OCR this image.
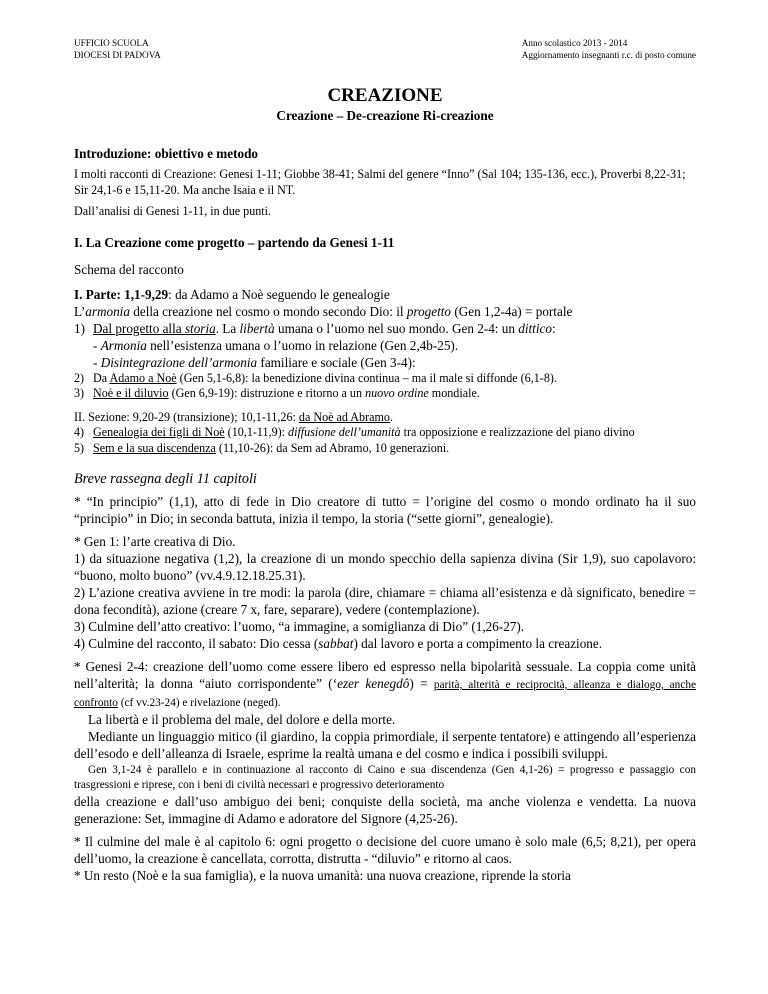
UFFICIO SCUOLA
DIOCESI DI PADOVA
Anno scolastico 2013 - 2014
Aggiornamento insegnanti r.c. di posto comune
CREAZIONE
Creazione – De-creazione Ri-creazione
Introduzione: obiettivo e metodo

I molti racconti di Creazione: Genesi 1-11; Giobbe 38-41; Salmi del genere “Inno” (Sal 104; 135-136, ecc.), Proverbi 8,22-31; Sir 24,1-6 e 15,11-20. Ma anche Isaia e il NT.

Dall’analisi di Genesi 1-11, in due punti.

I. La Creazione come progetto – partendo da Genesi 1-11

Schema del racconto

I. Parte: 1,1-9,29: da Adamo a Noè seguendo le genealogie

L’armonia della creazione nel cosmo o mondo secondo Dio: il progetto (Gen 1,2-4a) = portale

1) Dal progetto alla storia. La libertà umana o l’uomo nel suo mondo. Gen 2-4: un dittico:

- Armonia nell’esistenza umana o l’uomo in relazione (Gen 2,4b-25).

- Disintegrazione dell’armonia familiare e sociale (Gen 3-4):

2) Da Adamo a Noè (Gen 5,1-6,8): la benedizione divina continua – ma il male si diffonde (6,1-8).

3) Noè e il diluvio (Gen 6,9-19): distruzione e ritorno a un nuovo ordine mondiale.

II. Sezione: 9,20-29 (transizione); 10,1-11,26: da Noè ad Abramo.

4) Genealogia dei figli di Noè (10,1-11,9): diffusione dell’umanità tra opposizione e realizzazione del piano divino

5) Sem e la sua discendenza (11,10-26): da Sem ad Abramo, 10 generazioni.

Breve rassegna degli 11 capitoli

* “In principio” (1,1), atto di fede in Dio creatore di tutto = l’origine del cosmo o mondo ordinato ha il suo “principio” in Dio; in seconda battuta, inizia il tempo, la storia (“sette giorni”, genealogie).

* Gen 1: l’arte creativa di Dio.

1) da situazione negativa (1,2), la creazione di un mondo specchio della sapienza divina (Sir 1,9), suo capolavoro: “buono, molto buono” (vv.4.9.12.18.25.31).

2) L’azione creativa avviene in tre modi: la parola (dire, chiamare = chiama all’esistenza e dà significato, benedire = dona fecondità), azione (creare 7 x, fare, separare), vedere (contemplazione).

3) Culmine dell’atto creativo: l’uomo, “a immagine, a somiglianza di Dio” (1,26-27).

4) Culmine del racconto, il sabato: Dio cessa (sabbat) dal lavoro e porta a compimento la creazione.

* Genesi 2-4: creazione dell’uomo come essere libero ed espresso nella bipolarità sessuale. La coppia come unità nell’alterità; la donna “aiuto corrispondente” (‘ezer kenegdô) = parità, alterità e reciprocità, alleanza e dialogo, anche confronto (cf vv.23-24) e rivelazione (neged).

La libertà e il problema del male, del dolore e della morte.

Mediante un linguaggio mitico (il giardino, la coppia primordiale, il serpente tentatore) e attingendo all’esperienza dell’esodo e dell’alleanza di Israele, esprime la realtà umana e del cosmo e indica i possibili sviluppi.

Gen 3,1-24 è parallelo e in continuazione al racconto di Caino e sua discendenza (Gen 4,1-26) = progresso e passaggio con trasgressioni e riprese, con i beni di civiltà necessari e progressivo deterioramento

della creazione e dall’uso ambiguo dei beni; conquiste della società, ma anche violenza e vendetta. La nuova generazione: Set, immagine di Adamo e adoratore del Signore (4,25-26).

* Il culmine del male è al capitolo 6: ogni progetto o decisione del cuore umano è solo male (6,5; 8,21), per opera dell’uomo, la creazione è cancellata, corrotta, distrutta - “diluvio” e ritorno al caos.

* Un resto (Noè e la sua famiglia), e la nuova umanità: una nuova creazione, riprende la storia
